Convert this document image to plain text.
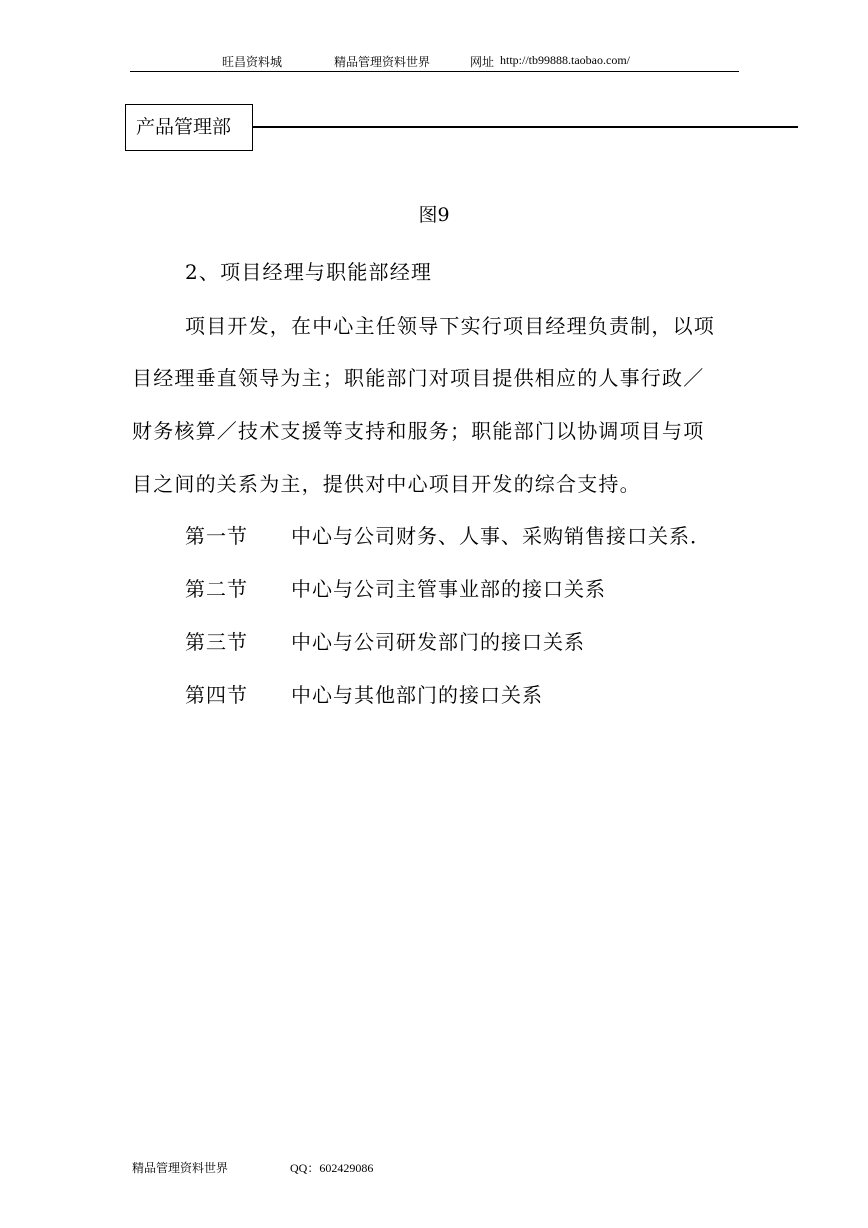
旺昌资料城	精品管理资料世界	网址 http://tb99888.taobao.com/
产品管理部
图9
2、项目经理与职能部经理
项目开发，在中心主任领导下实行项目经理负责制，以项
目经理垂直领导为主；职能部门对项目提供相应的人事行政／
财务核算／技术支援等支持和服务；职能部门以协调项目与项
目之间的关系为主，提供对中心项目开发的综合支持。
第一节 中心与公司财务、人事、采购销售接口关系．
第二节 中心与公司主管事业部的接口关系
第三节 中心与公司研发部门的接口关系
第四节 中心与其他部门的接口关系
精品管理资料世界	QQ：602429086
